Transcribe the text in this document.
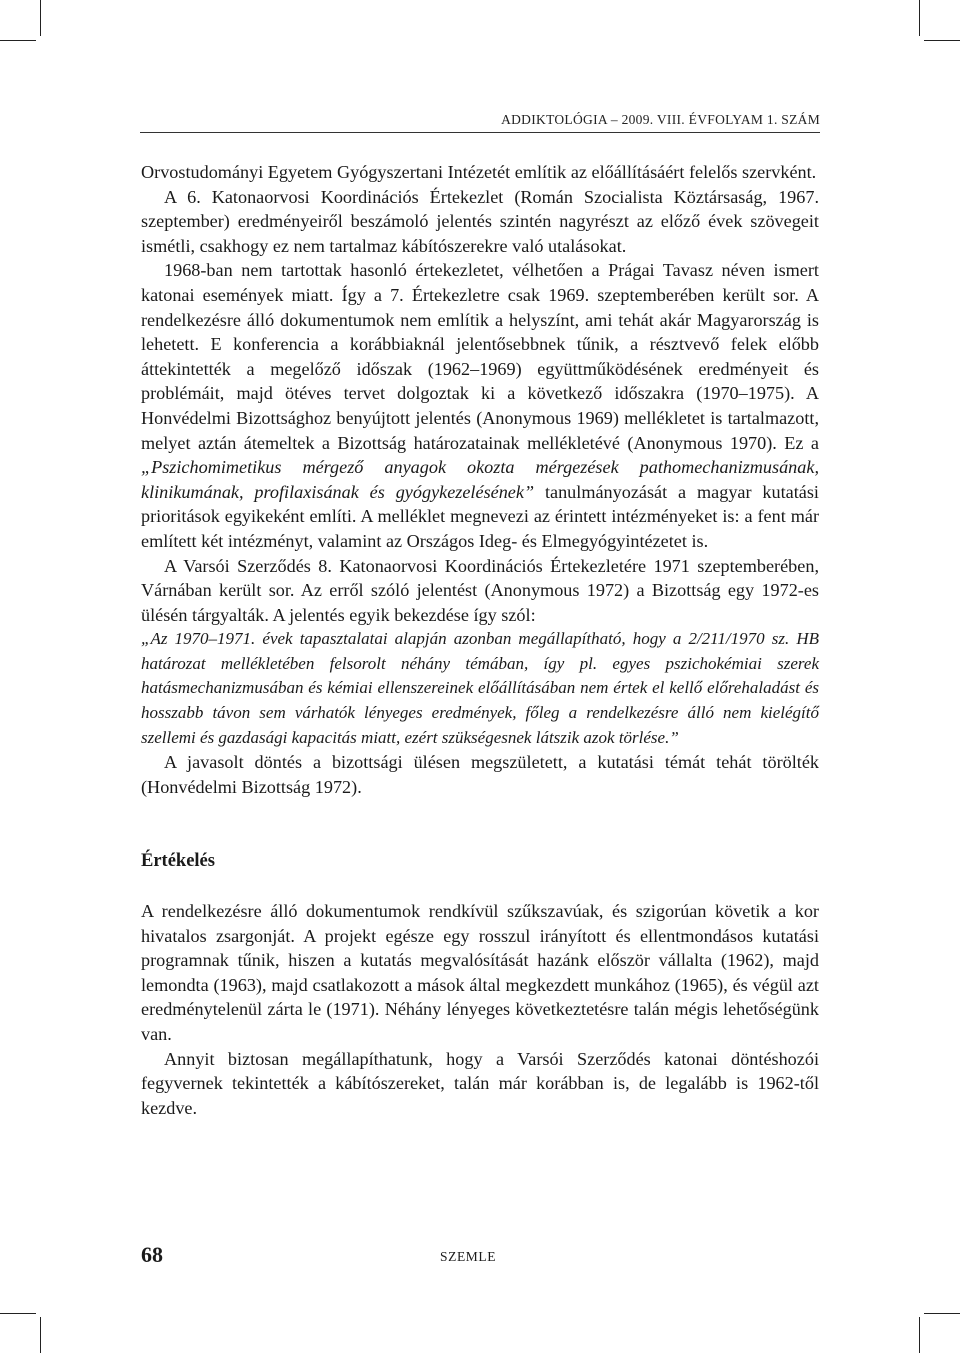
ADDIKTOLÓGIA – 2009. VIII. ÉVFOLYAM 1. SZÁM

Orvostudományi Egyetem Gyógyszertani Intézetét említik az előállításáért felelős szervként.

A 6. Katonaorvosi Koordinációs Értekezlet (Román Szocialista Köztársaság, 1967. szeptember) eredményeiről beszámoló jelentés szintén nagyrészt az előző évek szövegeit ismétli, csakhogy ez nem tartalmaz kábítószerekre való utalásokat.

1968-ban nem tartottak hasonló értekezletet, vélhetően a Prágai Tavasz néven ismert katonai események miatt. Így a 7. Értekezletre csak 1969. szeptemberében került sor. A rendelkezésre álló dokumentumok nem említik a helyszínt, ami tehát akár Magyarország is lehetett. E konferencia a korábbiaknál jelentősebbnek tűnik, a résztvevő felek előbb áttekintették a megelőző időszak (1962–1969) együttműködésének eredményeit és problémáit, majd ötéves tervet dolgoztak ki a következő időszakra (1970–1975). A Honvédelmi Bizottsághoz benyújtott jelentés (Anonymous 1969) mellékletet is tartalmazott, melyet aztán átemeltek a Bizottság határozatainak mellékletévé (Anonymous 1970). Ez a „Pszichomimetikus mérgező anyagok okozta mérgezések pathomechanizmusának, klinikumának, profilaxisának és gyógykezelésének” tanulmányozását a magyar kutatási prioritások egyikeként említi. A melléklet megnevezi az érintett intézményeket is: a fent már említett két intézményt, valamint az Országos Ideg- és Elmegyógyintézetet is.

A Varsói Szerződés 8. Katonaorvosi Koordinációs Értekezletére 1971 szeptemberében, Várnában került sor. Az erről szóló jelentést (Anonymous 1972) a Bizottság egy 1972-es ülésén tárgyalták. A jelentés egyik bekezdése így szól:

„Az 1970–1971. évek tapasztalatai alapján azonban megállapítható, hogy a 2/211/1970 sz. HB határozat mellékletében felsorolt néhány témában, így pl. egyes pszichokémiai szerek hatásmechanizmusában és kémiai ellenszereinek előállításában nem értek el kellő előrehaladást és hosszabb távon sem várhatók lényeges eredmények, főleg a rendelkezésre álló nem kielégítő szellemi és gazdasági kapacitás miatt, ezért szükségesnek látszik azok törlése.”

A javasolt döntés a bizottsági ülésen megszületett, a kutatási témát tehát törölték (Honvédelmi Bizottság 1972).

Értékelés

A rendelkezésre álló dokumentumok rendkívül szűkszavúak, és szigorúan követik a kor hivatalos zsargonját. A projekt egésze egy rosszul irányított és ellentmondásos kutatási programnak tűnik, hiszen a kutatás megvalósítását hazánk először vállalta (1962), majd lemondta (1963), majd csatlakozott a mások által megkezdett munkához (1965), és végül azt eredménytelenül zárta le (1971). Néhány lényeges következtetésre talán mégis lehetőségünk van.

Annyit biztosan megállapíthatunk, hogy a Varsói Szerződés katonai döntéshozói fegyvernek tekintették a kábítószereket, talán már korábban is, de legalább is 1962-től kezdve.

68	SZEMLE
